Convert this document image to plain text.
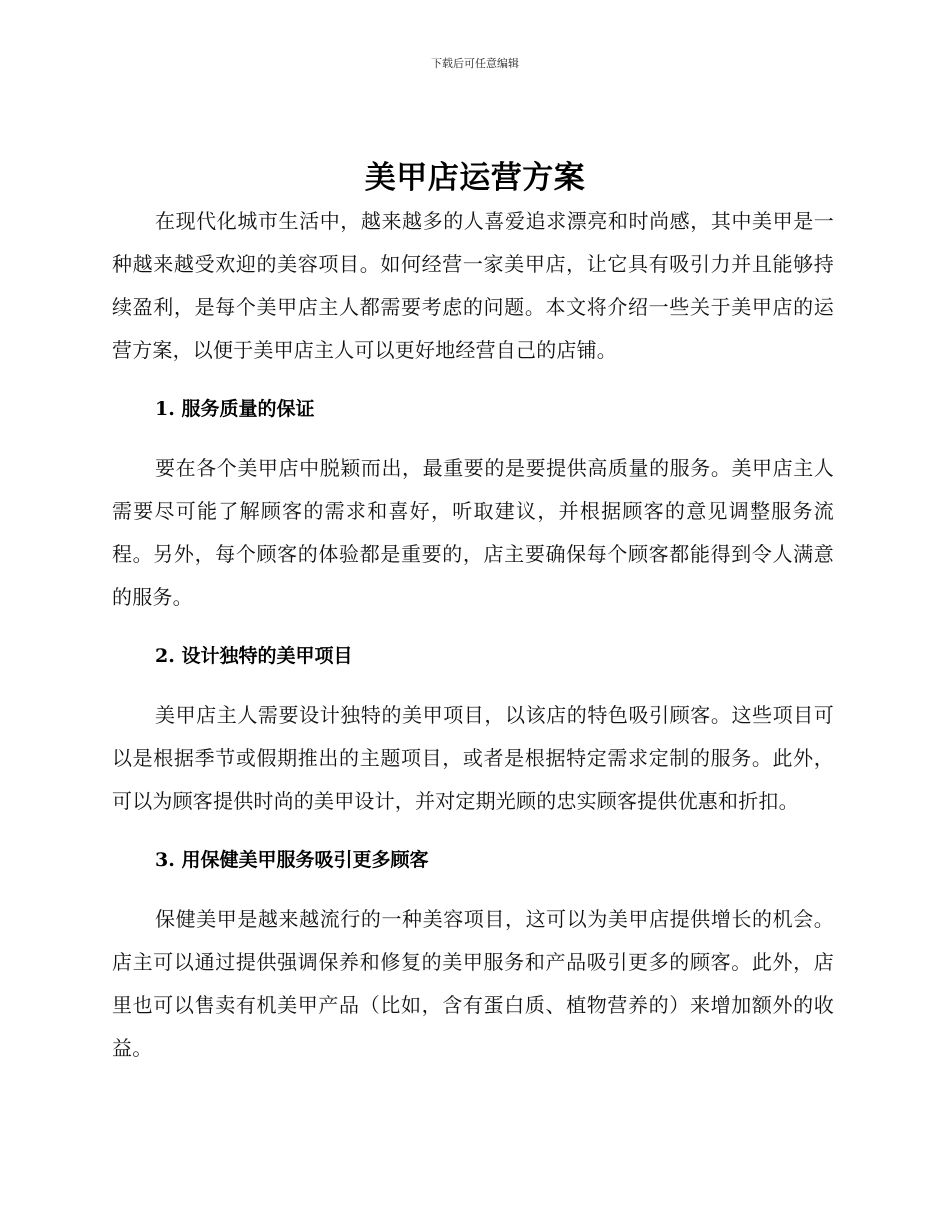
下载后可任意编辑
美甲店运营方案

在现代化城市生活中，越来越多的人喜爱追求漂亮和时尚感，其中美甲是一种越来越受欢迎的美容项目。如何经营一家美甲店，让它具有吸引力并且能够持续盈利，是每个美甲店主人都需要考虑的问题。本文将介绍一些关于美甲店的运营方案，以便于美甲店主人可以更好地经营自己的店铺。

1. 服务质量的保证

要在各个美甲店中脱颖而出，最重要的是要提供高质量的服务。美甲店主人需要尽可能了解顾客的需求和喜好，听取建议，并根据顾客的意见调整服务流程。另外，每个顾客的体验都是重要的，店主要确保每个顾客都能得到令人满意的服务。

2. 设计独特的美甲项目

美甲店主人需要设计独特的美甲项目，以该店的特色吸引顾客。这些项目可以是根据季节或假期推出的主题项目，或者是根据特定需求定制的服务。此外，可以为顾客提供时尚的美甲设计，并对定期光顾的忠实顾客提供优惠和折扣。

3. 用保健美甲服务吸引更多顾客

保健美甲是越来越流行的一种美容项目，这可以为美甲店提供增长的机会。店主可以通过提供强调保养和修复的美甲服务和产品吸引更多的顾客。此外，店里也可以售卖有机美甲产品（比如，含有蛋白质、植物营养的）来增加额外的收益。
